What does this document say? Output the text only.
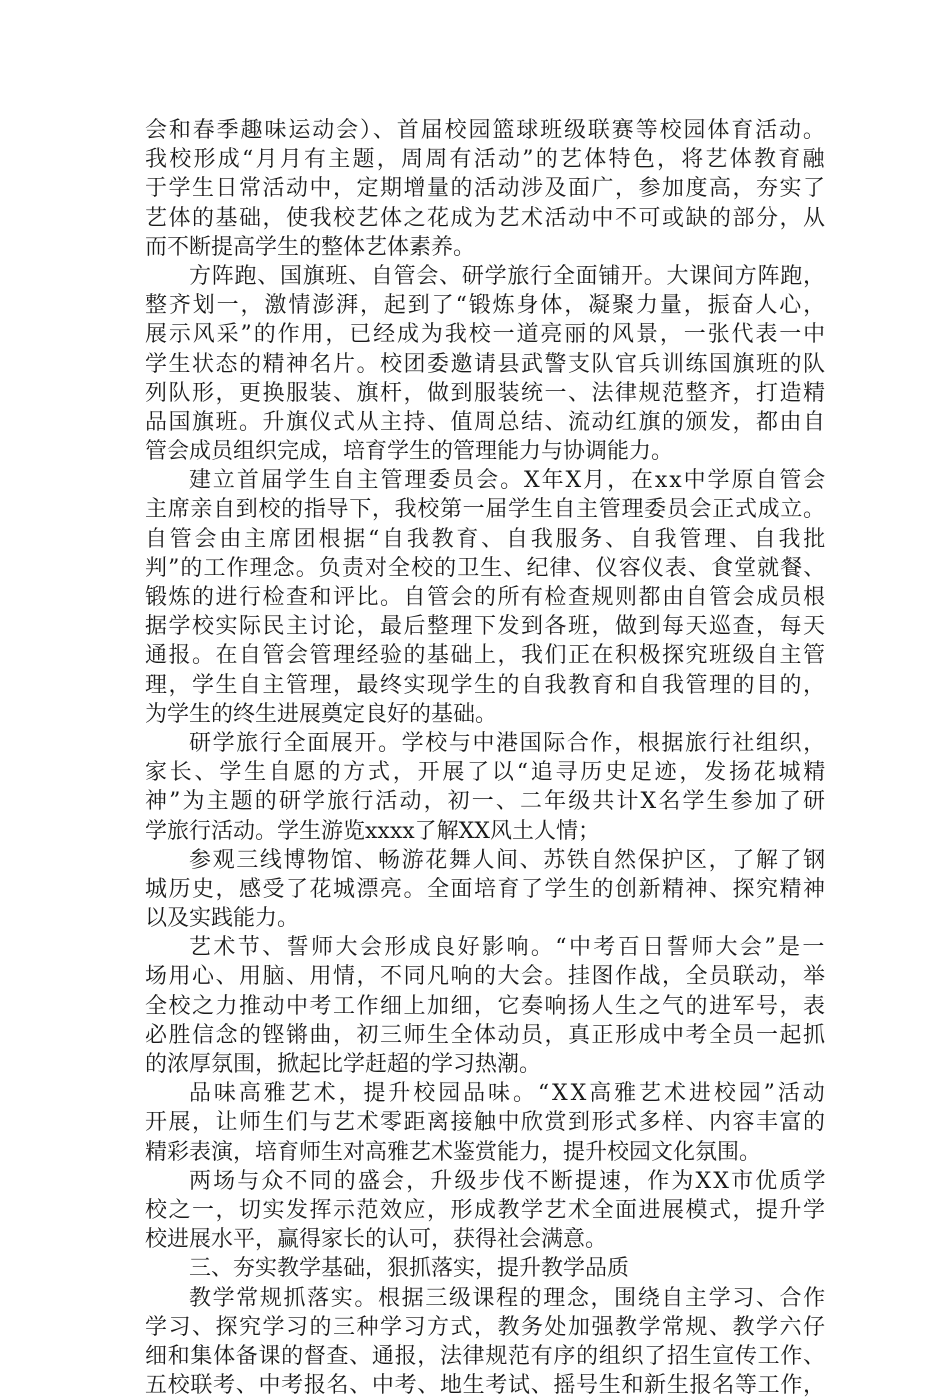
会和春季趣味运动会）、首届校园篮球班级联赛等校园体育活动。
我校形成“月月有主题，周周有活动”的艺体特色，将艺体教育融
于学生日常活动中，定期增量的活动涉及面广，参加度高，夯实了
艺体的基础，使我校艺体之花成为艺术活动中不可或缺的部分，从
而不断提高学生的整体艺体素养。
方阵跑、国旗班、自管会、研学旅行全面铺开。大课间方阵跑，
整齐划一，激情澎湃，起到了“锻炼身体，凝聚力量，振奋人心，
展示风采”的作用，已经成为我校一道亮丽的风景，一张代表一中
学生状态的精神名片。校团委邀请县武警支队官兵训练国旗班的队
列队形，更换服装、旗杆，做到服装统一、法律规范整齐，打造精
品国旗班。升旗仪式从主持、值周总结、流动红旗的颁发，都由自
管会成员组织完成，培育学生的管理能力与协调能力。
建立首届学生自主管理委员会。X年X月，在xx中学原自管会
主席亲自到校的指导下，我校第一届学生自主管理委员会正式成立。
自管会由主席团根据“自我教育、自我服务、自我管理、自我批
判”的工作理念。负责对全校的卫生、纪律、仪容仪表、食堂就餐、
锻炼的进行检查和评比。自管会的所有检查规则都由自管会成员根
据学校实际民主讨论，最后整理下发到各班，做到每天巡查，每天
通报。在自管会管理经验的基础上，我们正在积极探究班级自主管
理，学生自主管理，最终实现学生的自我教育和自我管理的目的，
为学生的终生进展奠定良好的基础。
研学旅行全面展开。学校与中港国际合作，根据旅行社组织，
家长、学生自愿的方式，开展了以“追寻历史足迹，发扬花城精
神”为主题的研学旅行活动，初一、二年级共计X名学生参加了研
学旅行活动。学生游览xxxx了解XX风土人情；
参观三线博物馆、畅游花舞人间、苏铁自然保护区，了解了钢
城历史，感受了花城漂亮。全面培育了学生的创新精神、探究精神
以及实践能力。
艺术节、誓师大会形成良好影响。“中考百日誓师大会”是一
场用心、用脑、用情，不同凡响的大会。挂图作战，全员联动，举
全校之力推动中考工作细上加细，它奏响扬人生之气的进军号，表
必胜信念的铿锵曲，初三师生全体动员，真正形成中考全员一起抓
的浓厚氛围，掀起比学赶超的学习热潮。
品味高雅艺术，提升校园品味。“XX高雅艺术进校园”活动
开展，让师生们与艺术零距离接触中欣赏到形式多样、内容丰富的
精彩表演，培育师生对高雅艺术鉴赏能力，提升校园文化氛围。
两场与众不同的盛会，升级步伐不断提速，作为XX市优质学
校之一，切实发挥示范效应，形成教学艺术全面进展模式，提升学
校进展水平，赢得家长的认可，获得社会满意。
三、夯实教学基础，狠抓落实，提升教学品质
教学常规抓落实。根据三级课程的理念，围绕自主学习、合作
学习、探究学习的三种学习方式，教务处加强教学常规、教学六仔
细和集体备课的督查、通报，法律规范有序的组织了招生宣传工作、
五校联考、中考报名、中考、地生考试、摇号生和新生报名等工作，
